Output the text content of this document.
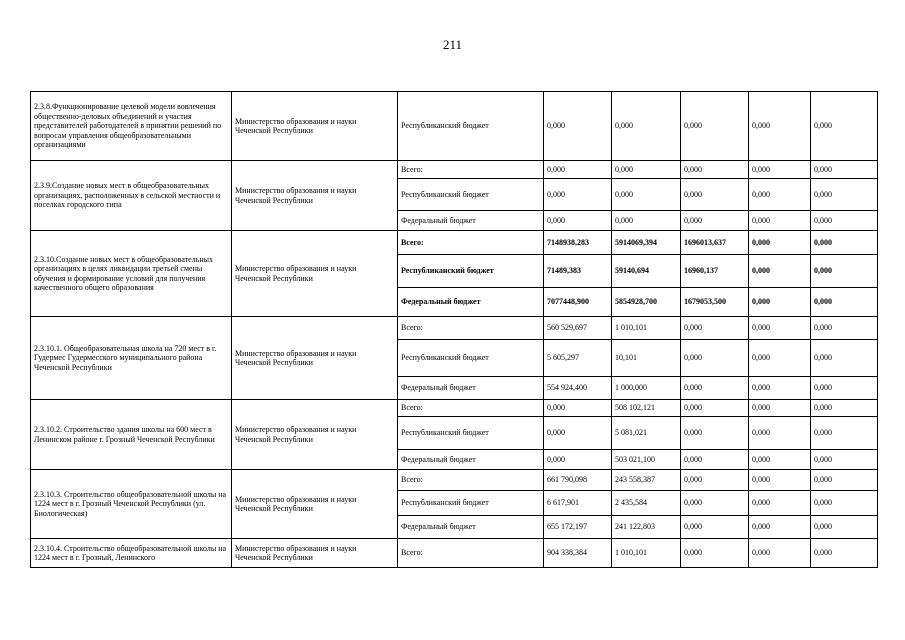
211
2.3.8.Функционирование целевой модели вовлечения общественно-деловых объединений и участия представителей работодателей в принятии решений по вопросам управления общеобразовательными организациями	Министерство образования и науки Чеченской Республики	Республиканский бюджет	0,000	0,000	0,000	0,000	0,000
2.3.9.Создание новых мест в общеобразовательных организациях, расположенных в сельской местности и поселках городского типа	Министерство образования и науки Чеченской Республики	Всего:	0,000	0,000	0,000	0,000	0,000
		Республиканский бюджет	0,000	0,000	0,000	0,000	0,000
		Федеральный бюджет	0,000	0,000	0,000	0,000	0,000
2.3.10.Создание новых мест в общеобразовательных организациях в целях ликвидации третьей смены обучения и формирование условий для получения качественного общего образования	Министерство образования и науки Чеченской Республики	Всего:	7148938,283	5914069,394	1696013,637	0,000	0,000
		Республиканский бюджет	71489,383	59140,694	16960,137	0,000	0,000
		Федеральный бюджет	7077448,900	5854928,700	1679053,500	0,000	0,000
2.3.10.1. Общеобразовательная школа на 720 мест в г. Гудермес Гудермесского муниципального района Чеченской Республики	Министерство образования и науки Чеченской Республики	Всего:	560 529,697	1 010,101	0,000	0,000	0,000
		Республиканский бюджет	5 605,297	10,101	0,000	0,000	0,000
		Федеральный бюджет	554 924,400	1 000,000	0,000	0,000	0,000
2.3.10.2. Строительство здания школы на 600 мест в Ленинском районе г. Грозный Чеченской Республики	Министерство образования и науки Чеченской Республики	Всего:	0,000	508 102,121	0,000	0,000	0,000
		Республиканский бюджет	0,000	5 081,021	0,000	0,000	0,000
		Федеральный бюджет	0,000	503 021,100	0,000	0,000	0,000
2.3.10.3. Строительство общеобразовательной школы на 1224 мест в г. Грозный Чеченской Республики (ул. Биологическая)	Министерство образования и науки Чеченской Республики	Всего:	661 790,098	243 558,387	0,000	0,000	0,000
		Республиканский бюджет	6 617,901	2 435,584	0,000	0,000	0,000
		Федеральный бюджет	655 172,197	241 122,803	0,000	0,000	0,000
2.3.10.4. Строительство общеобразовательной школы на 1224 мест в г. Грозный, Ленинского	Министерство образования и науки Чеченской Республики	Всего:	904 338,384	1 010,101	0,000	0,000	0,000
